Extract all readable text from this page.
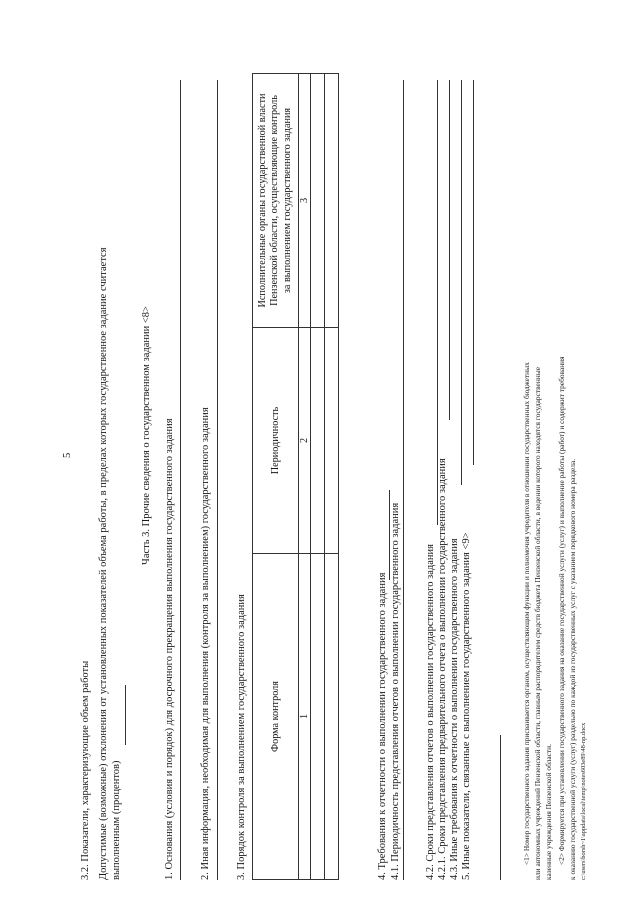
5
3.2. Показатели, характеризующие объем работы Допустимые (возможные) отклонения от установленных показателей объема работы, в пределах которых государственное задание считается выполненным (процентов)
Часть 3. Прочие сведения о государственном задании <8> 1. Основания (условия и порядок) для досрочного прекращения выполнения государственного задания 2. Иная информация, необходимая для выполнения (контроля за выполнением) государственного задания 3. Порядок контроля за выполнением государственного задания Форма контроля	Периодичность	Исполнительные органы государственной власти Пензенской области, осуществляющие контроль за выполнением государственного задания

1	2	3

4. Требования к отчетности о выполнении государственного задания 4.1. Периодичность представления отчетов о выполнении государственного задания 4.2. Сроки представления отчетов о выполнении государственного задания 4.2.1. Сроки представления предварительного отчета о выполнении государственного задания 4.3. Иные требования к отчетности о выполнении государственного задания 5. Иные показатели, связанные с выполнением государственного задания <9>	<1> Номер государственного задания присваивается органом, осуществляющим функции и полномочия учредителя в отношении государственных бюджетных или автономных учреждений Пензенской области, главным распорядителем средств бюджета Пензенской области, в ведении которого находятся государственные казенные учреждения Пензенской области. <2> Формируется при установлении государственного задания на оказание государственной услуги (услуг) и выполнение работы (работ) и содержит требования к оказанию государственной услуги (услуг) раздельно по каждой из государственных услуг с указанием порядкового номера раздела. c:\users\borsh~1\appdata\local\temp\notes603e89\48-np.docx
